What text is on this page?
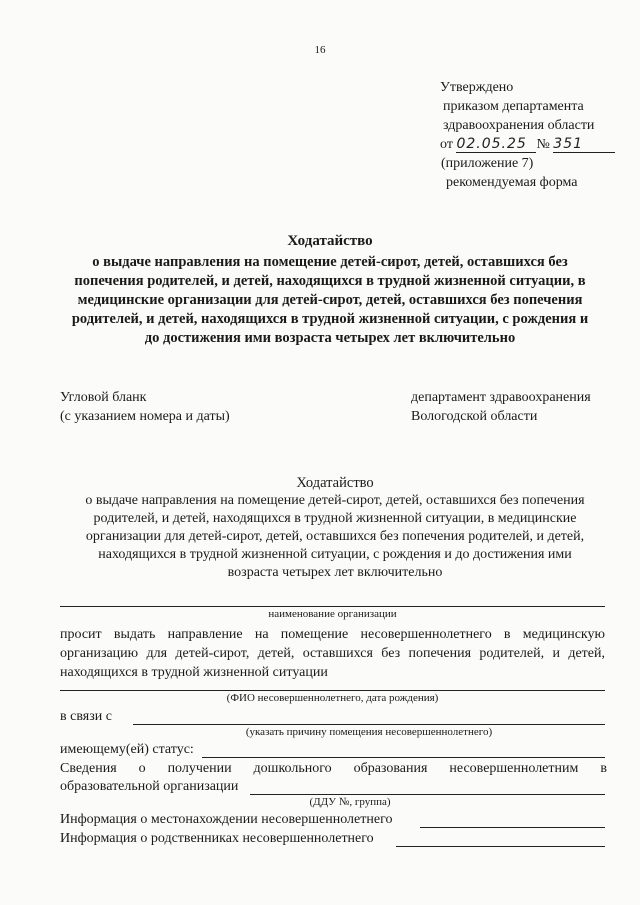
16
Утверждено
приказом департамента
здравоохранения области
от 02.05.25 № 351
(приложение 7)
рекомендуемая форма
Ходатайство
о выдаче направления на помещение детей-сирот, детей, оставшихся без
попечения родителей, и детей, находящихся в трудной жизненной ситуации, в
медицинские организации для детей-сирот, детей, оставшихся без попечения
родителей, и детей, находящихся в трудной жизненной ситуации, с рождения и
до достижения ими возраста четырех лет включительно
Угловой бланк
(с указанием номера и даты)
департамент здравоохранения
Вологодской области
Ходатайство
о выдаче направления на помещение детей-сирот, детей, оставшихся без попечения
родителей, и детей, находящихся в трудной жизненной ситуации, в медицинские
организации для детей-сирот, детей, оставшихся без попечения родителей, и детей,
находящихся в трудной жизненной ситуации, с рождения и до достижения ими
возраста четырех лет включительно
наименование организации
просит выдать направление на помещение несовершеннолетнего в медицинскую организацию для детей-сирот, детей, оставшихся без попечения родителей, и детей, находящихся в трудной жизненной ситуации
(ФИО несовершеннолетнего, дата рождения)
в связи с
(указать причину помещения несовершеннолетнего)
имеющему(ей) статус:
Сведения о получении дошкольного образования несовершеннолетним в
образовательной организации
(ДДУ №, группа)
Информация о местонахождении несовершеннолетнего
Информация о родственниках несовершеннолетнего
